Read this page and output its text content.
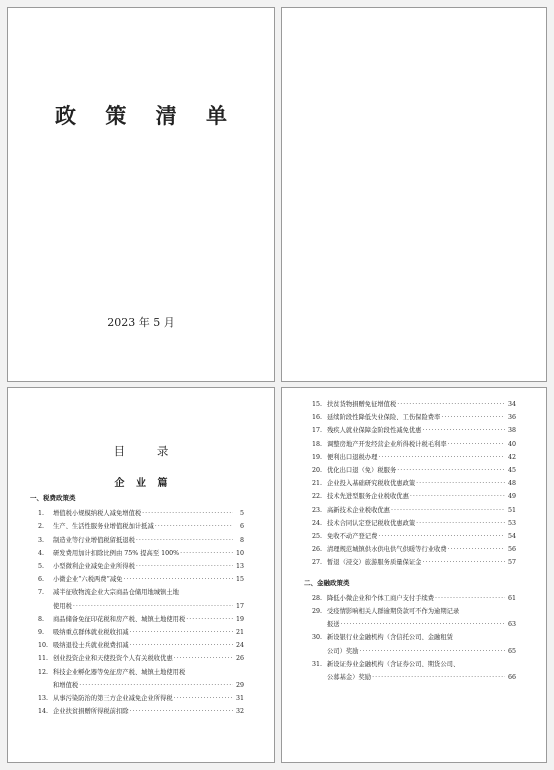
政 策 清 单
2023 年 5 月
目 录
企 业 篇
一、税费政策类
1.	增值税小规模纳税人减免增值税 ·····	5
2.	生产、生活性服务业增值税加计抵减 ·····	6
3.	制造业等行业增值税留抵退税 ·····	8
4.	研发费用加计扣除比例由 75% 提高至 100% ·····	10
5.	小型微利企业减免企业所得税 ·····	13
6.	小微企业“六税两费”减免 ·····	15
7.	减半征收物流企业大宗商品仓储用地城镇土地
使用税 ·····	17
8.	商品储备免征印花税和房产税、城镇土地使用税 ·····	19
9.	吸纳重点群体就业税收扣减 ·····	21
10. 吸纳退役士兵就业税费扣减 ·····	24
11. 创业投资企业和天使投资个人有关税收优惠 ·····	26
12. 科技企业孵化器等免征房产税、城镇土地使用税
和增值税 ·····	29
13. 从事污染防治的第三方企业减免企业所得税 ·····	31
14. 企业扶贫捐赠所得税前扣除 ·····	32
15. 扶贫货物捐赠免征增值税 ·····	34
16. 延续阶段性降低失业保险、工伤保险费率 ·····	36
17. 残疾人就业保障金阶段性减免优惠 ·····	38
18. 调整房地产开发经营企业所得税计税毛利率 ·····	40
19. 便利出口退税办理 ·····	42
20. 优化出口退（免）税服务 ·····	45
21. 企业投入基础研究税收优惠政策 ·····	48
22. 技术先进型服务企业税收优惠 ·····	49
23. 高新技术企业税收优惠 ·····	51
24. 技术合同认定登记税收优惠政策 ·····	53
25. 免收不动产登记费 ·····	54
26. 清理规范城镇供水供电供气供暖等行业收费 ·····	56
27. 暂退（浸交）旅游服务质量保证金 ·····	57
二、金融政策类
28. 降低小微企业和个体工商户支付手续费 ·····	61
29. 受疫情影响相关人群逾期贷款可不作为逾期记录
报送 ·····	63
30. 新设银行业金融机构（含信托公司、金融租赁
公司）奖励 ·····	65
31. 新设证券业金融机构（含证券公司、期货公司、
公募基金）奖励 ·····	66
